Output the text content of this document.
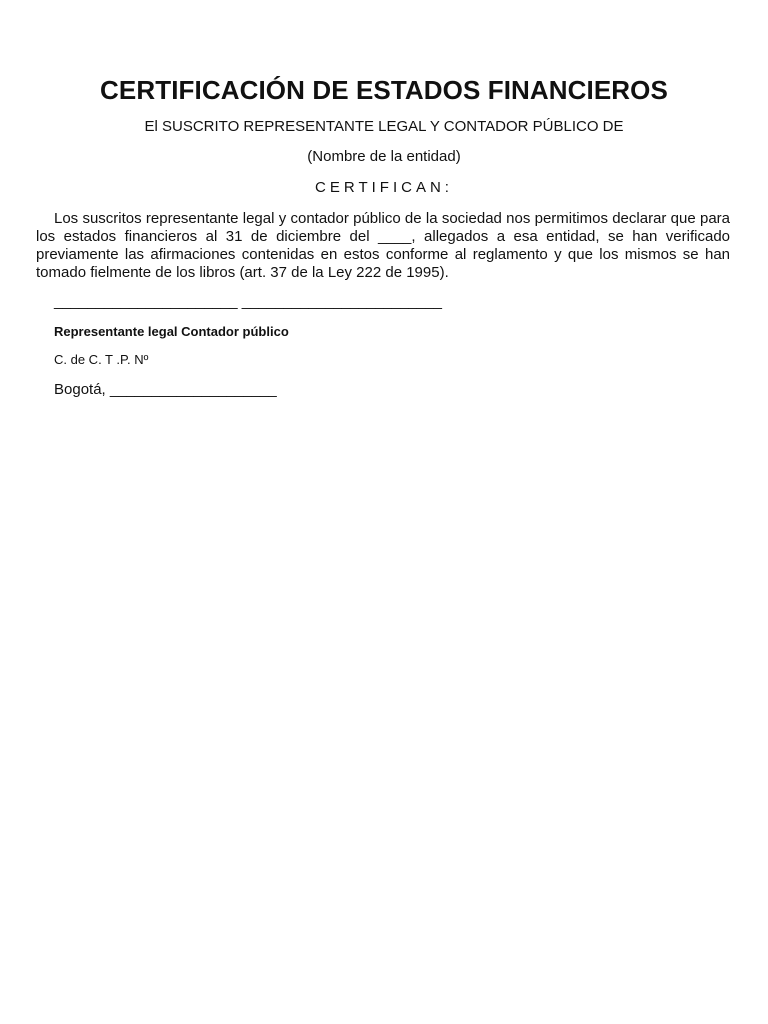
CERTIFICACIÓN DE ESTADOS FINANCIEROS

El SUSCRITO REPRESENTANTE LEGAL Y CONTADOR PÚBLICO DE

(Nombre de la entidad)

CERTIFICAN:

Los suscritos representante legal y contador público de la sociedad nos permitimos declarar que para los estados financieros al 31 de diciembre del ____, allegados a esa entidad, se han verificado previamente las afirmaciones contenidas en estos conforme al reglamento y que los mismos se han tomado fielmente de los libros (art. 37 de la Ley 222 de 1995).

______________________ ________________________

Representante legal Contador público

C. de C. T .P. Nº

Bogotá, ____________________
